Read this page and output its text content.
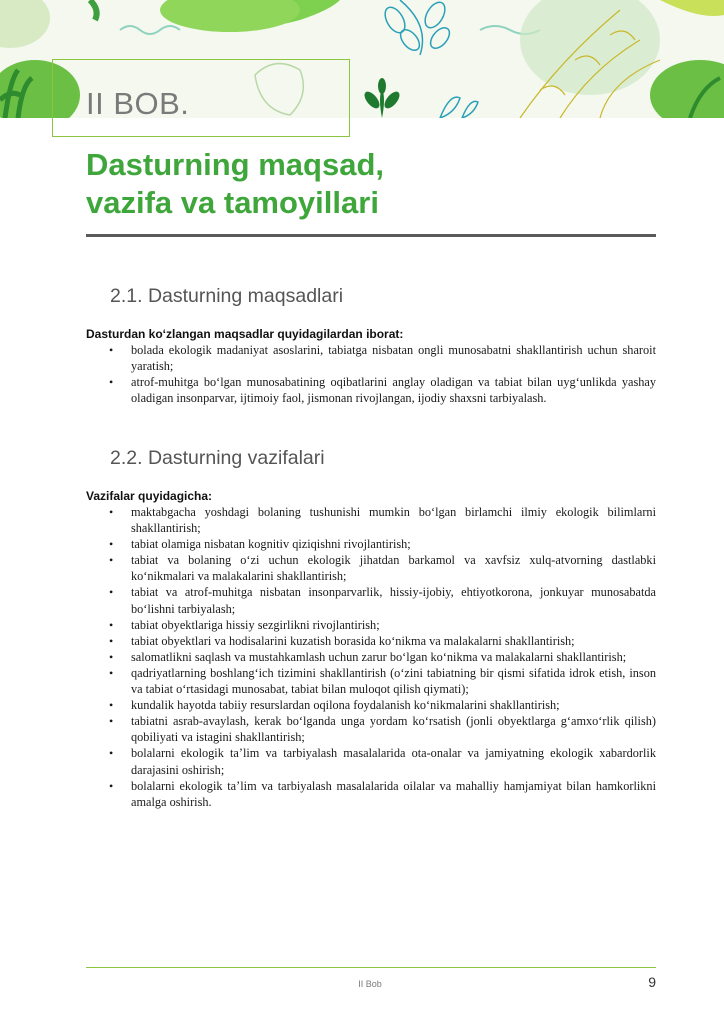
II BOB.
Dasturning maqsad,
vazifa va tamoyillari
2.1. Dasturning maqsadlari
Dasturdan ko‘zlangan maqsadlar quyidagilardan iborat:
• bolada ekologik madaniyat asoslarini, tabiatga nisbatan ongli munosabatni shakllantirish uchun sharoit yaratish;
• atrof-muhitga bo‘lgan munosabatining oqibatlarini anglay oladigan va tabiat bilan uyg‘unlikda yashay oladigan insonparvar, ijtimoiy faol, jismonan rivojlangan, ijodiy shaxsni tarbiyalash.
2.2. Dasturning vazifalari
Vazifalar quyidagicha:
• maktabgacha yoshdagi bolaning tushunishi mumkin bo‘lgan birlamchi ilmiy ekologik bilimlarni shakllantirish;
• tabiat olamiga nisbatan kognitiv qiziqishni rivojlantirish;
• tabiat va bolaning o‘zi uchun ekologik jihatdan barkamol va xavfsiz xulq-atvorning dastlabki ko‘nikmalari va malakalarini shakllantirish;
• tabiat va atrof-muhitga nisbatan insonparvarlik, hissiy-ijobiy, ehtiyotkorona, jonkuyar munosabatda bo‘lishni tarbiyalash;
• tabiat obyektlariga hissiy sezgirlikni rivojlantirish;
• tabiat obyektlari va hodisalarini kuzatish borasida ko‘nikma va malakalarni shakllantirish;
• salomatlikni saqlash va mustahkamlash uchun zarur bo‘lgan ko‘nikma va malakalarni shakllantirish;
• qadriyatlarning boshlang‘ich tizimini shakllantirish (o‘zini tabiatning bir qismi sifatida idrok etish, inson va tabiat o‘rtasidagi munosabat, tabiat bilan muloqot qilish qiymati);
• kundalik hayotda tabiiy resurslardan oqilona foydalanish ko‘nikmalarini shakllantirish;
• tabiatni asrab-avaylash, kerak bo‘lganda unga yordam ko‘rsatish (jonli obyektlarga g‘amxo‘rlik qilish) qobiliyati va istagini shakllantirish;
• bolalarni ekologik ta’lim va tarbiyalash masalalarida ota-onalar va jamiyatning ekologik xabardorlik darajasini oshirish;
• bolalarni ekologik ta’lim va tarbiyalash masalalarida oilalar va mahalliy hamjamiyat bilan hamkorlikni amalga oshirish.
II Bob	9
